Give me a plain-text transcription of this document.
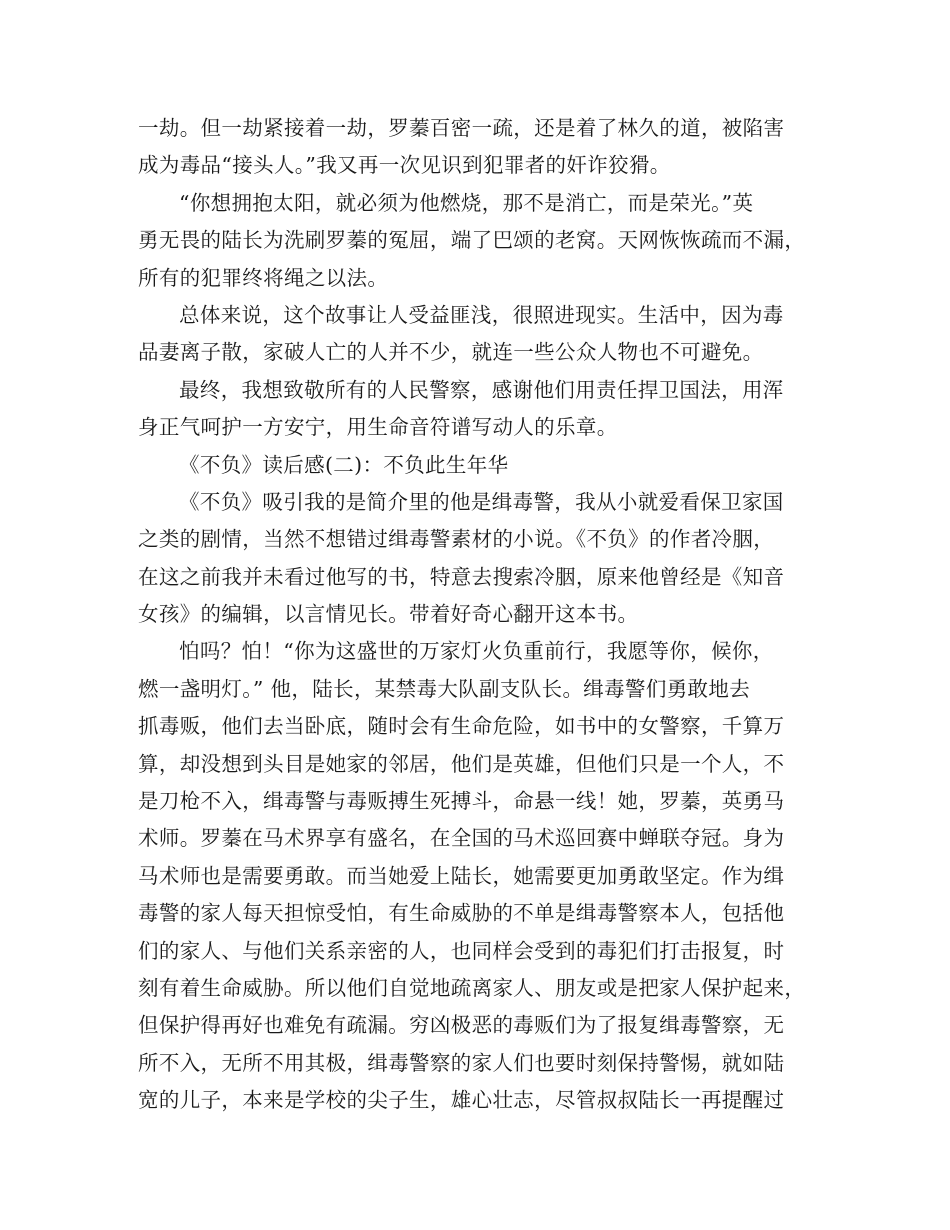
一劫。但一劫紧接着一劫，罗蓁百密一疏，还是着了林久的道，被陷害
成为毒品“接头人。”我又再一次见识到犯罪者的奸诈狡猾。
“你想拥抱太阳，就必须为他燃烧，那不是消亡，而是荣光。”英
勇无畏的陆长为洗刷罗蓁的冤屈，端了巴颂的老窝。天网恢恢疏而不漏，
所有的犯罪终将绳之以法。
总体来说，这个故事让人受益匪浅，很照进现实。生活中，因为毒
品妻离子散，家破人亡的人并不少，就连一些公众人物也不可避免。
最终，我想致敬所有的人民警察，感谢他们用责任捍卫国法，用浑
身正气呵护一方安宁，用生命音符谱写动人的乐章。
《不负》读后感(二)：不负此生年华
《不负》吸引我的是简介里的他是缉毒警，我从小就爱看保卫家国
之类的剧情，当然不想错过缉毒警素材的小说。《不负》的作者冷胭，
在这之前我并未看过他写的书，特意去搜索冷胭，原来他曾经是《知音
女孩》的编辑，以言情见长。带着好奇心翻开这本书。
怕吗？怕！“你为这盛世的万家灯火负重前行，我愿等你，候你，
燃一盏明灯。” 他，陆长，某禁毒大队副支队长。缉毒警们勇敢地去
抓毒贩，他们去当卧底，随时会有生命危险，如书中的女警察，千算万
算，却没想到头目是她家的邻居，他们是英雄，但他们只是一个人，不
是刀枪不入，缉毒警与毒贩搏生死搏斗，命悬一线！她，罗蓁，英勇马
术师。罗蓁在马术界享有盛名，在全国的马术巡回赛中蝉联夺冠。身为
马术师也是需要勇敢。而当她爱上陆长，她需要更加勇敢坚定。作为缉
毒警的家人每天担惊受怕，有生命威胁的不单是缉毒警察本人，包括他
们的家人、与他们关系亲密的人，也同样会受到的毒犯们打击报复，时
刻有着生命威胁。所以他们自觉地疏离家人、朋友或是把家人保护起来，
但保护得再好也难免有疏漏。穷凶极恶的毒贩们为了报复缉毒警察，无
所不入，无所不用其极，缉毒警察的家人们也要时刻保持警惕，就如陆
宽的儿子，本来是学校的尖子生，雄心壮志，尽管叔叔陆长一再提醒过
